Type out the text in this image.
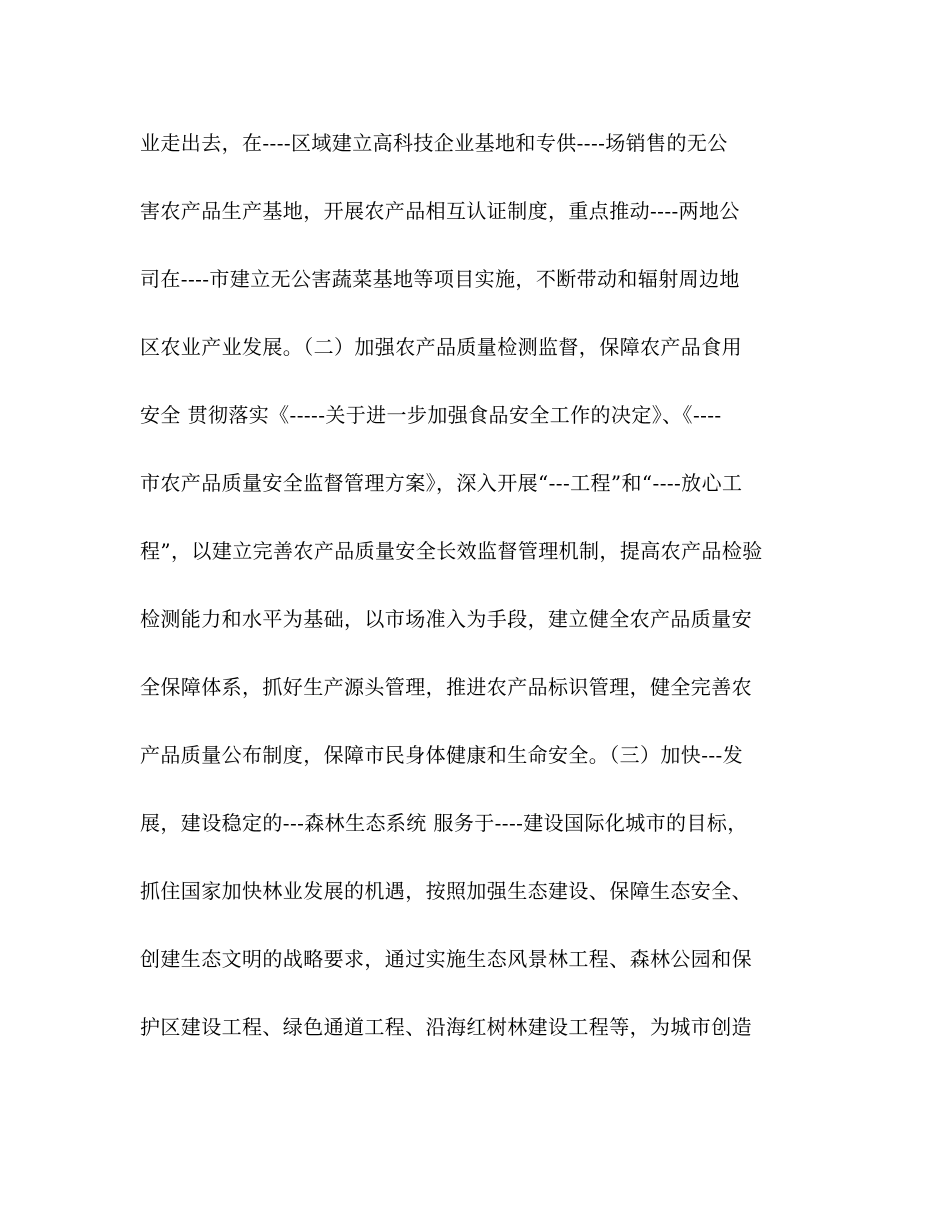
业走出去，在----区域建立高科技企业基地和专供----场销售的无公
害农产品生产基地，开展农产品相互认证制度，重点推动----两地公
司在----市建立无公害蔬菜基地等项目实施，不断带动和辐射周边地
区农业产业发展。（二）加强农产品质量检测监督，保障农产品食用
安全 贯彻落实《-----关于进一步加强食品安全工作的决定》、《----
市农产品质量安全监督管理方案》，深入开展“---工程”和“----放心工
程”，以建立完善农产品质量安全长效监督管理机制，提高农产品检验
检测能力和水平为基础，以市场准入为手段，建立健全农产品质量安
全保障体系，抓好生产源头管理，推进农产品标识管理，健全完善农
产品质量公布制度，保障市民身体健康和生命安全。（三）加快---发
展，建设稳定的---森林生态系统 服务于----建设国际化城市的目标，
抓住国家加快林业发展的机遇，按照加强生态建设、保障生态安全、
创建生态文明的战略要求，通过实施生态风景林工程、森林公园和保
护区建设工程、绿色通道工程、沿海红树林建设工程等，为城市创造
